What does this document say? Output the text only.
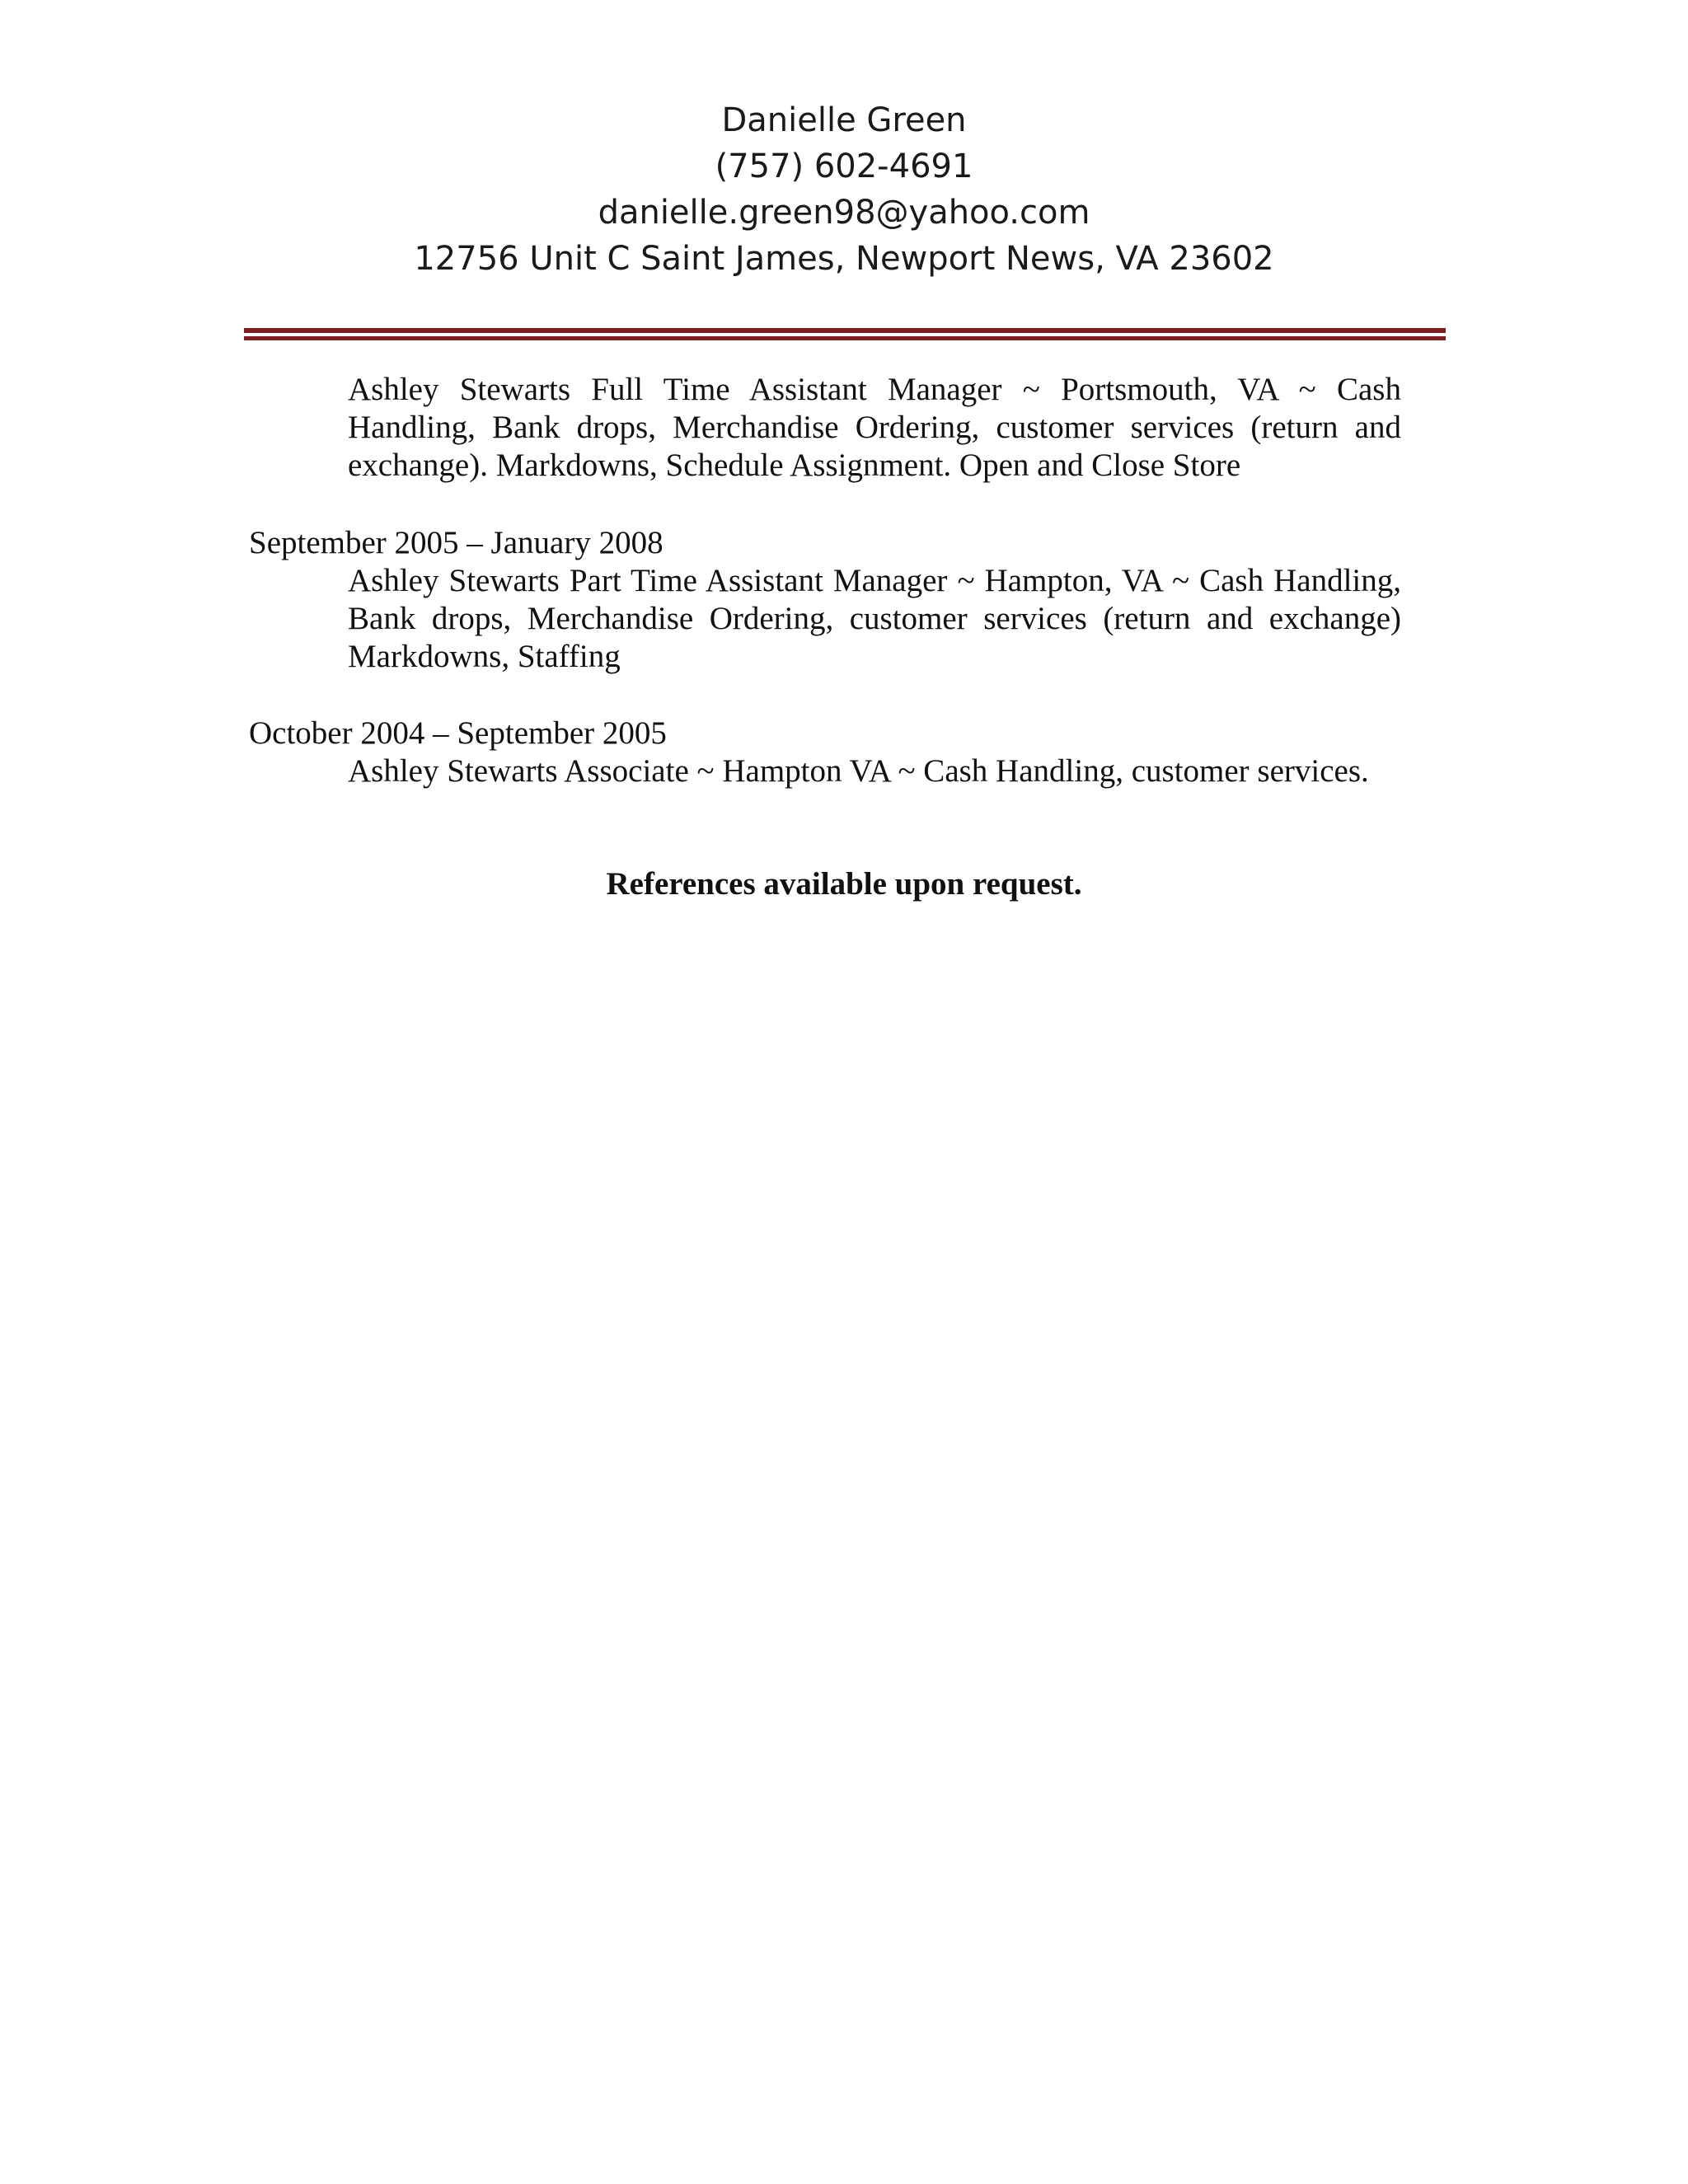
Danielle Green
(757) 602-4691
danielle.green98@yahoo.com
12756 Unit C Saint James, Newport News, VA 23602
Ashley Stewarts Full Time Assistant Manager ~ Portsmouth, VA ~ Cash Handling, Bank drops, Merchandise Ordering, customer services (return and exchange). Markdowns, Schedule Assignment. Open and Close Store
September 2005 – January 2008
Ashley Stewarts Part Time Assistant Manager ~ Hampton, VA ~ Cash Handling, Bank drops, Merchandise Ordering, customer services (return and exchange) Markdowns, Staffing
October 2004 – September 2005
Ashley Stewarts Associate ~ Hampton VA ~ Cash Handling, customer services.
References available upon request.
